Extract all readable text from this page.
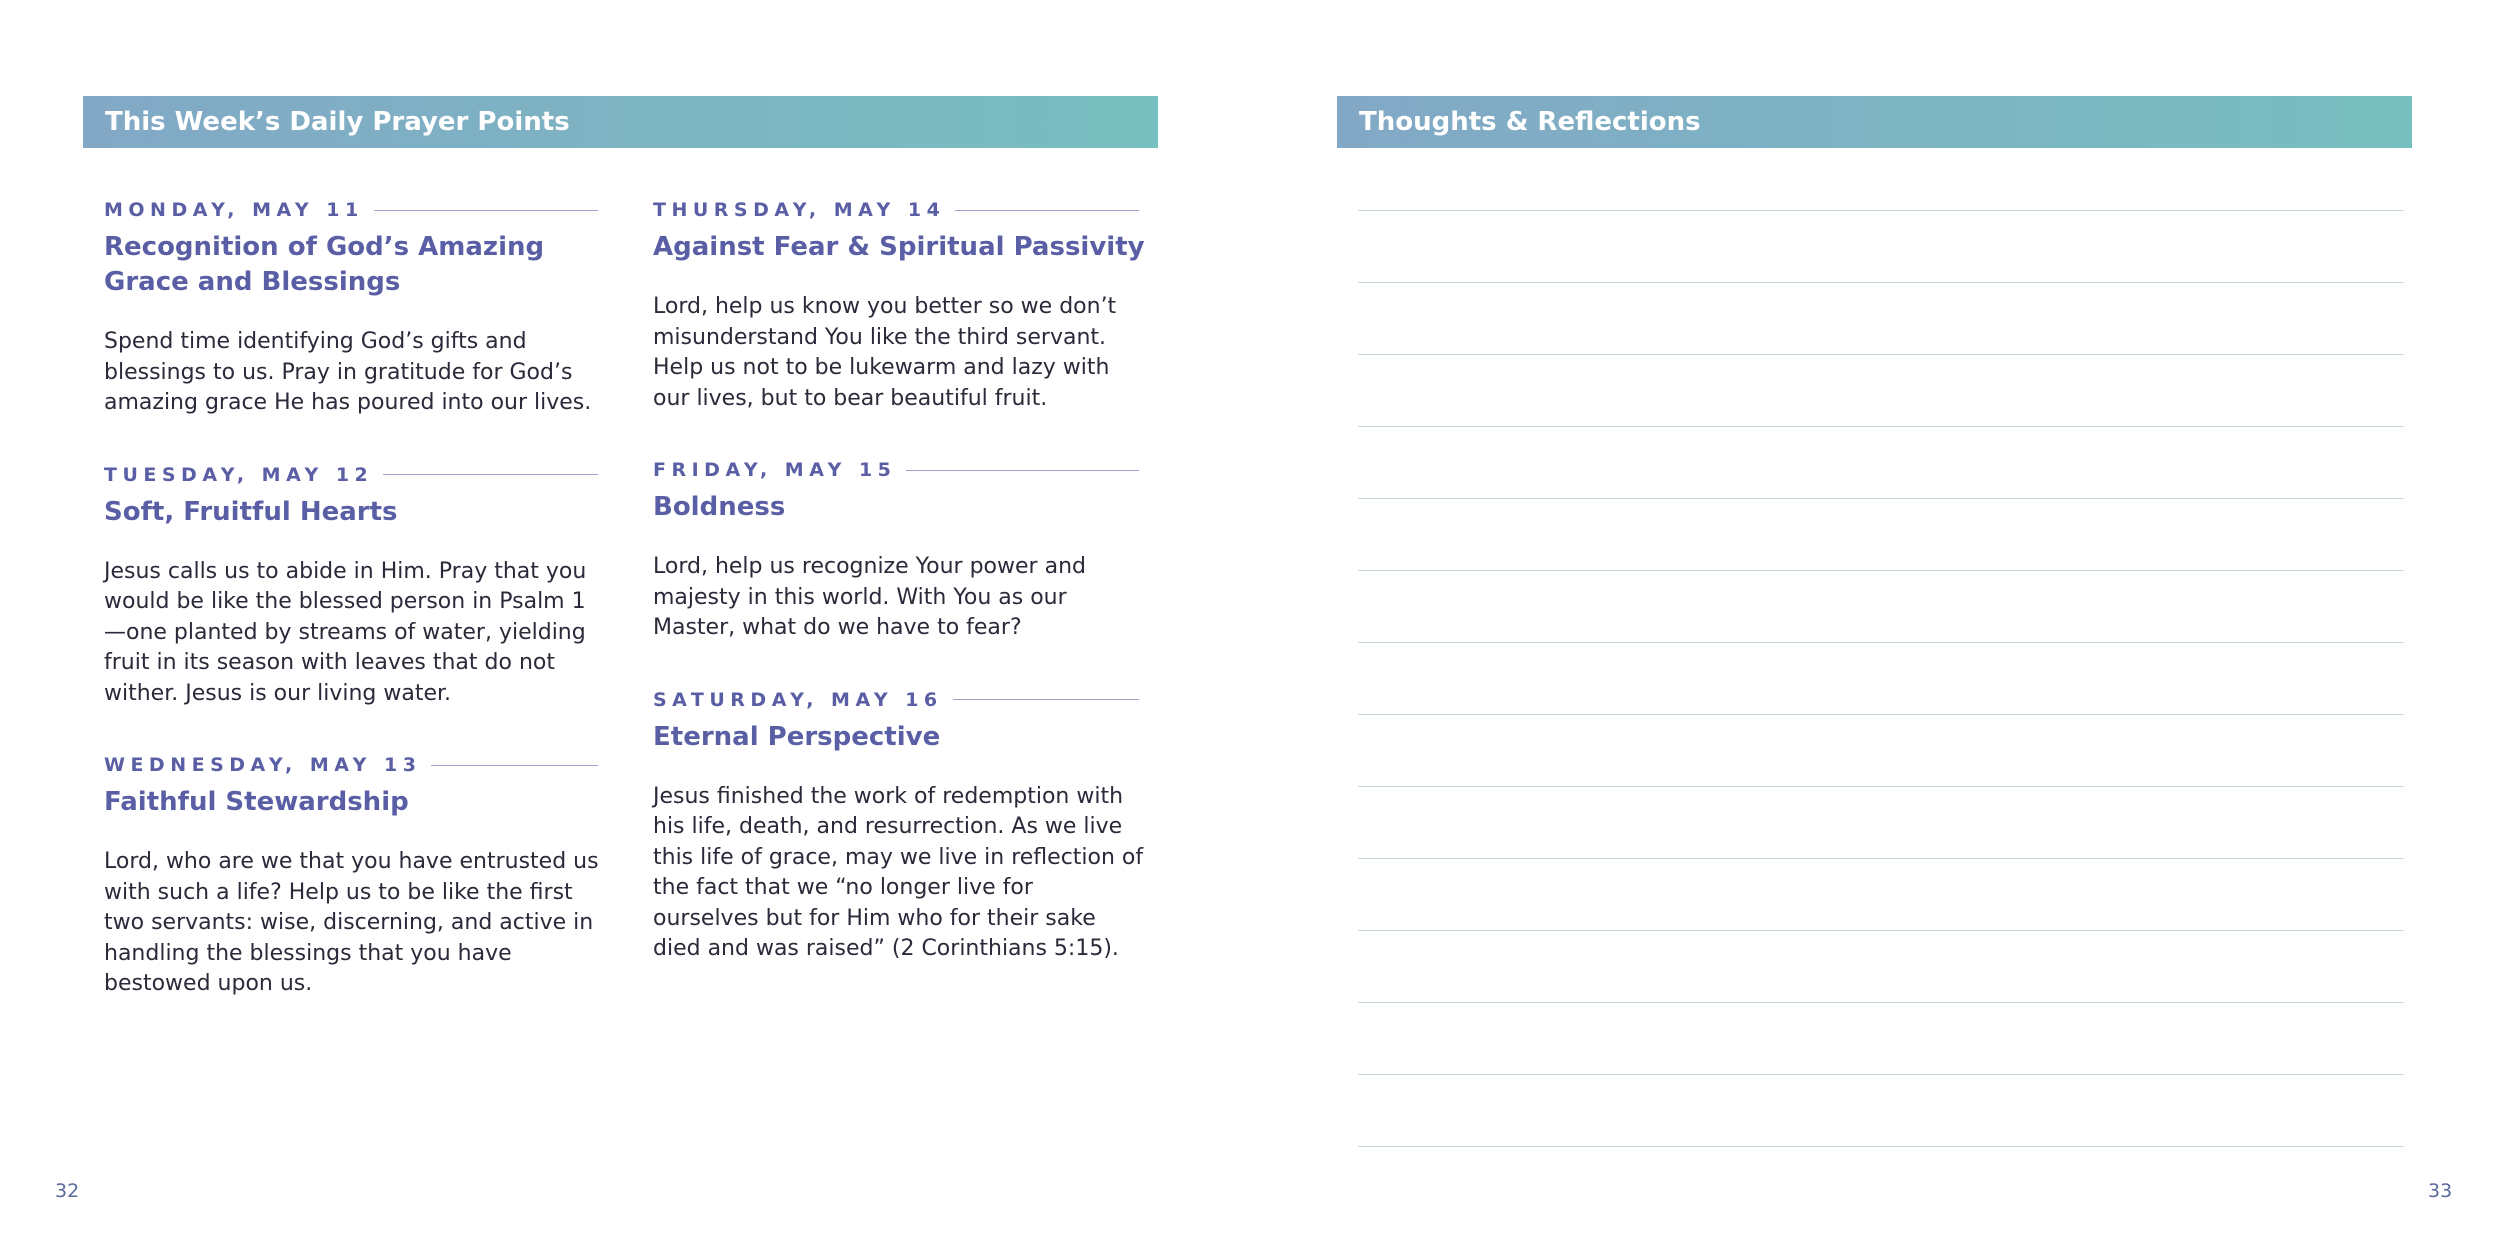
This Week’s Daily Prayer Points
MONDAY, MAY 11
Recognition of God’s Amazing Grace and Blessings
Spend time identifying God’s gifts and blessings to us. Pray in gratitude for God’s amazing grace He has poured into our lives.
TUESDAY, MAY 12
Soft, Fruitful Hearts
Jesus calls us to abide in Him. Pray that you would be like the blessed person in Psalm 1—one planted by streams of water, yielding fruit in its season with leaves that do not wither. Jesus is our living water.
WEDNESDAY, MAY 13
Faithful Stewardship
Lord, who are we that you have entrusted us with such a life? Help us to be like the first two servants: wise, discerning, and active in handling the blessings that you have bestowed upon us.
THURSDAY, MAY 14
Against Fear & Spiritual Passivity
Lord, help us know you better so we don’t misunderstand You like the third servant. Help us not to be lukewarm and lazy with our lives, but to bear beautiful fruit.
FRIDAY, MAY 15
Boldness
Lord, help us recognize Your power and majesty in this world. With You as our Master, what do we have to fear?
SATURDAY, MAY 16
Eternal Perspective
Jesus finished the work of redemption with his life, death, and resurrection. As we live this life of grace, may we live in reflection of the fact that we “no longer live for ourselves but for Him who for their sake died and was raised” (2 Corinthians 5:15).
32
Thoughts & Reflections
33
